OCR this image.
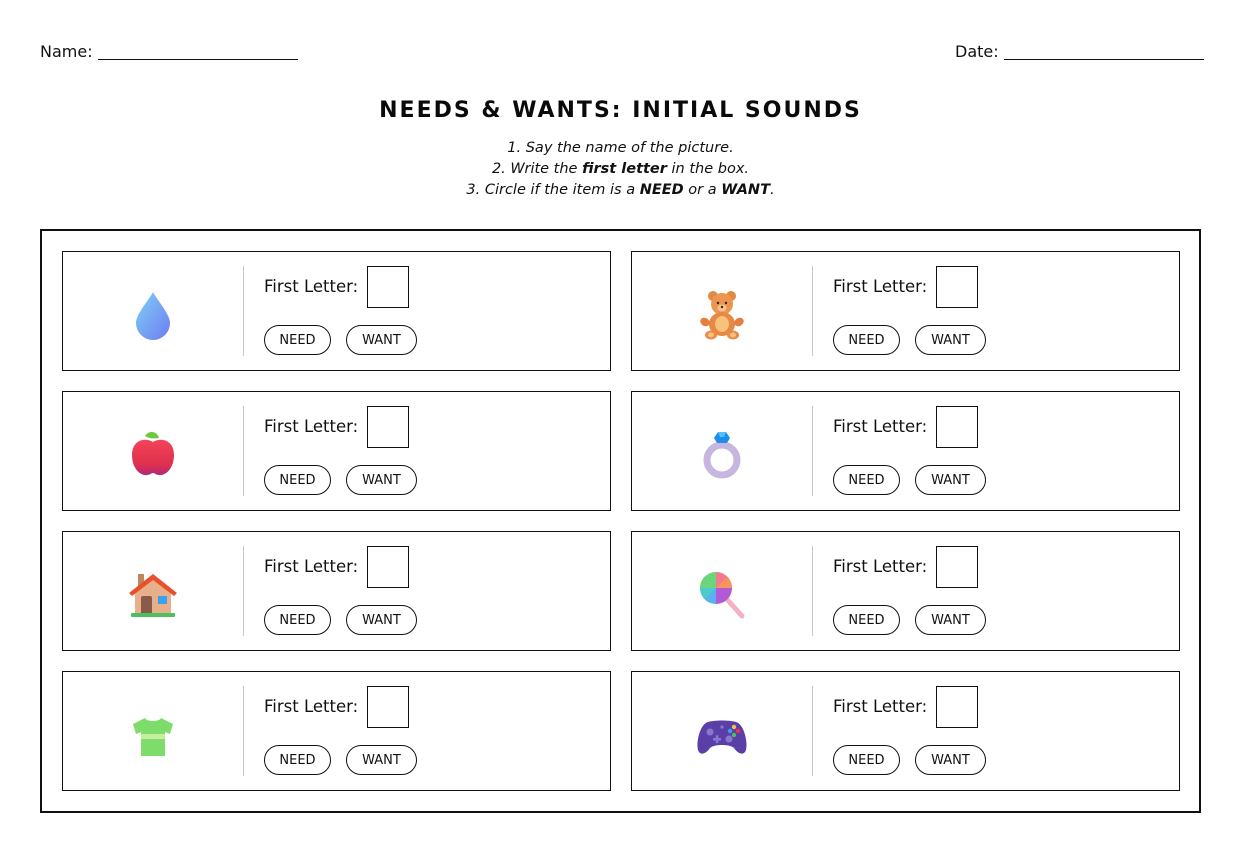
Name:	Date:
NEEDS & WANTS: INITIAL SOUNDS
1. Say the name of the picture.
2. Write the first letter in the box.
3. Circle if the item is a NEED or a WANT.
First Letter:
NEED	WANT
First Letter:
NEED	WANT
First Letter:
NEED	WANT
First Letter:
NEED	WANT
First Letter:
NEED	WANT
First Letter:
NEED	WANT
First Letter:
NEED	WANT
First Letter:
NEED	WANT
